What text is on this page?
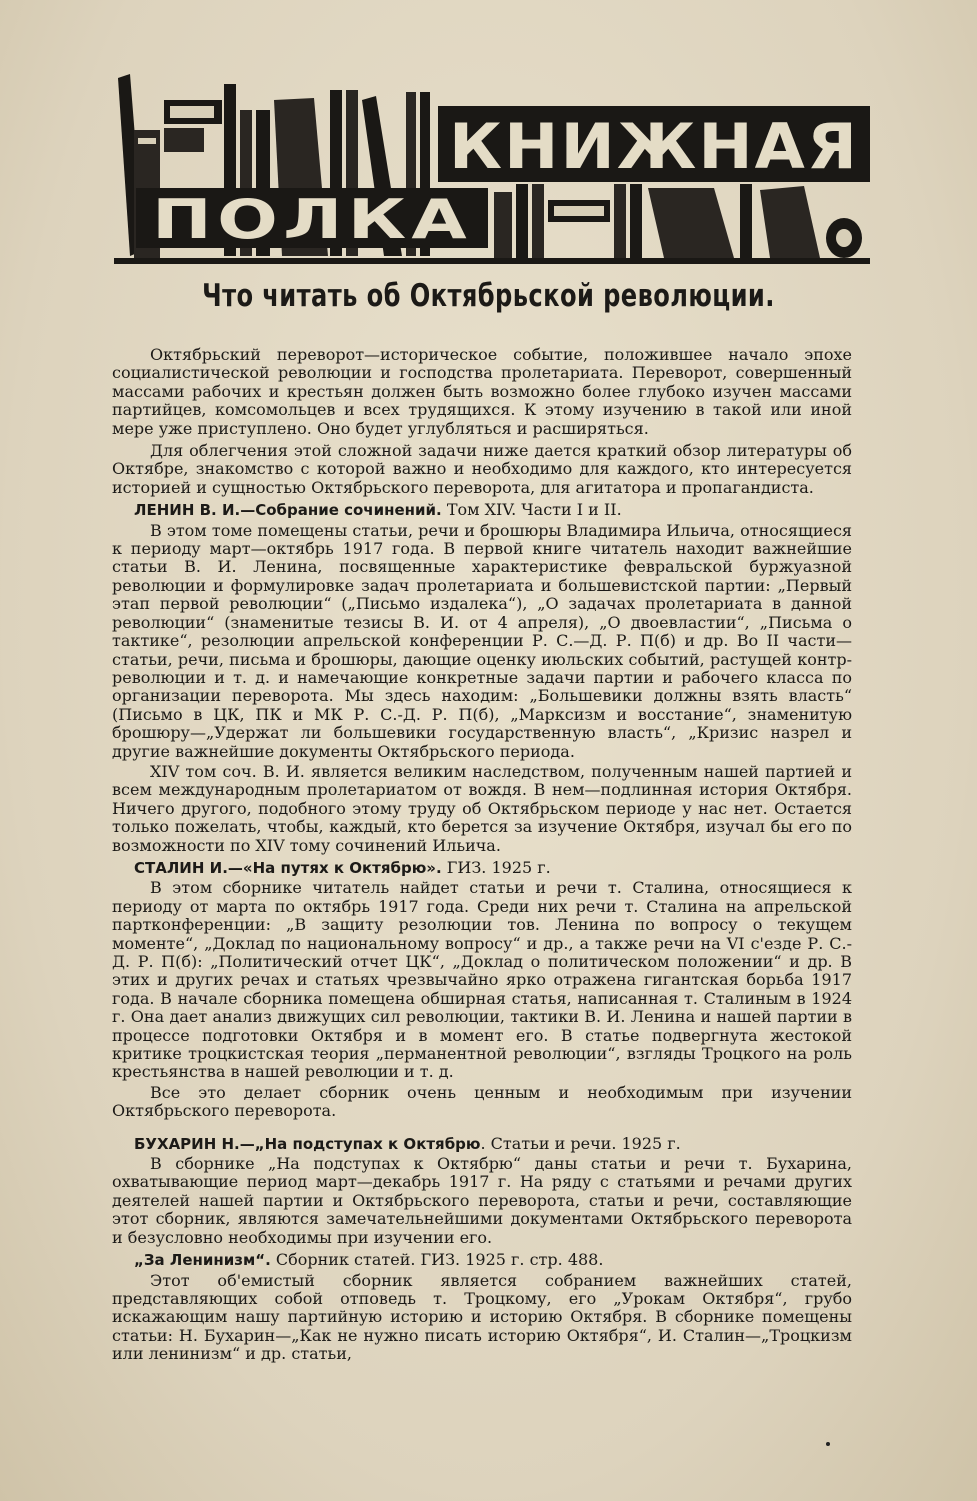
КНИЖНАЯ
ПОЛКА
Что читать об Октябрьской революции.

Октябрьский переворот—историческое событие, положившее начало эпохе социалистической революции и господства пролетариата. Переворот, совершенный массами рабочих и крестьян должен быть возможно более глубоко изучен массами партийцев, комсомольцев и всех трудящихся. К этому изучению в такой или иной мере уже приступлено. Оно будет углубляться и расширяться.

Для облегчения этой сложной задачи ниже дается краткий обзор литературы об Октябре, знакомство с которой важно и необходимо для каждого, кто интересуется историей и сущностью Октябрьского переворота, для агитатора и пропагандиста.

ЛЕНИН В. И.—Собрание сочинений. Том XIV. Части I и II.

В этом томе помещены статьи, речи и брошюры Владимира Ильича, относящиеся к периоду март—октябрь 1917 года. В первой книге читатель находит важнейшие статьи В. И. Ленина, посвященные характеристике февральской буржуазной революции и формулировке задач пролетариата и большевистской партии: „Первый этап первой революции“ („Письмо издалека“), „О задачах пролетариата в данной революции“ (знаменитые тезисы В. И. от 4 апреля), „О двоевластии“, „Письма о тактике“, резолюции апрельской конференции Р. С.—Д. Р. П(б) и др. Во II части—статьи, речи, письма и брошюры, дающие оценку июльских событий, растущей контр-революции и т. д. и намечающие конкретные задачи партии и рабочего класса по организации переворота. Мы здесь находим: „Большевики должны взять власть“ (Письмо в ЦК, ПК и МК Р. С.-Д. Р. П(б), „Марксизм и восстание“, знаменитую брошюру—„Удержат ли большевики государственную власть“, „Кризис назрел и другие важнейшие документы Октябрьского периода.

XIV том соч. В. И. является великим наследством, полученным нашей партией и всем международным пролетариатом от вождя. В нем—подлинная история Октября. Ничего другого, подобного этому труду об Октябрьском периоде у нас нет. Остается только пожелать, чтобы, каждый, кто берется за изучение Октября, изучал бы его по возможности по XIV тому сочинений Ильича.

СТАЛИН И.—«На путях к Октябрю». ГИЗ. 1925 г.

В этом сборнике читатель найдет статьи и речи т. Сталина, относящиеся к периоду от марта по октябрь 1917 года. Среди них речи т. Сталина на апрельской партконференции: „В защиту резолюции тов. Ленина по вопросу о текущем моменте“, „Доклад по национальному вопросу“ и др., а также речи на VI с'езде Р. С.-Д. Р. П(б): „Политический отчет ЦК“, „Доклад о политическом положении“ и др. В этих и других речах и статьях чрезвычайно ярко отражена гигантская борьба 1917 года. В начале сборника помещена обширная статья, написанная т. Сталиным в 1924 г. Она дает анализ движущих сил революции, тактики В. И. Ленина и нашей партии в процессе подготовки Октября и в момент его. В статье подвергнута жестокой критике троцкистская теория „перманентной революции“, взгляды Троцкого на роль крестьянства в нашей революции и т. д.

Все это делает сборник очень ценным и необходимым при изучении Октябрьского переворота.

БУХАРИН Н.—„На подступах к Октябрю. Статьи и речи. 1925 г.

В сборнике „На подступах к Октябрю“ даны статьи и речи т. Бухарина, охватывающие период март—декабрь 1917 г. На ряду с статьями и речами других деятелей нашей партии и Октябрьского переворота, статьи и речи, составляющие этот сборник, являются замечательнейшими документами Октябрьского переворота и безусловно необходимы при изучении его.

„За Ленинизм“. Сборник статей. ГИЗ. 1925 г. стр. 488.

Этот об'емистый сборник является собранием важнейших статей, представляющих собой отповедь т. Троцкому, его „Урокам Октября“, грубо искажающим нашу партийную историю и историю Октября. В сборнике помещены статьи: Н. Бухарин—„Как не нужно писать историю Октября“, И. Сталин—„Троцкизм или ленинизм“ и др. статьи,
